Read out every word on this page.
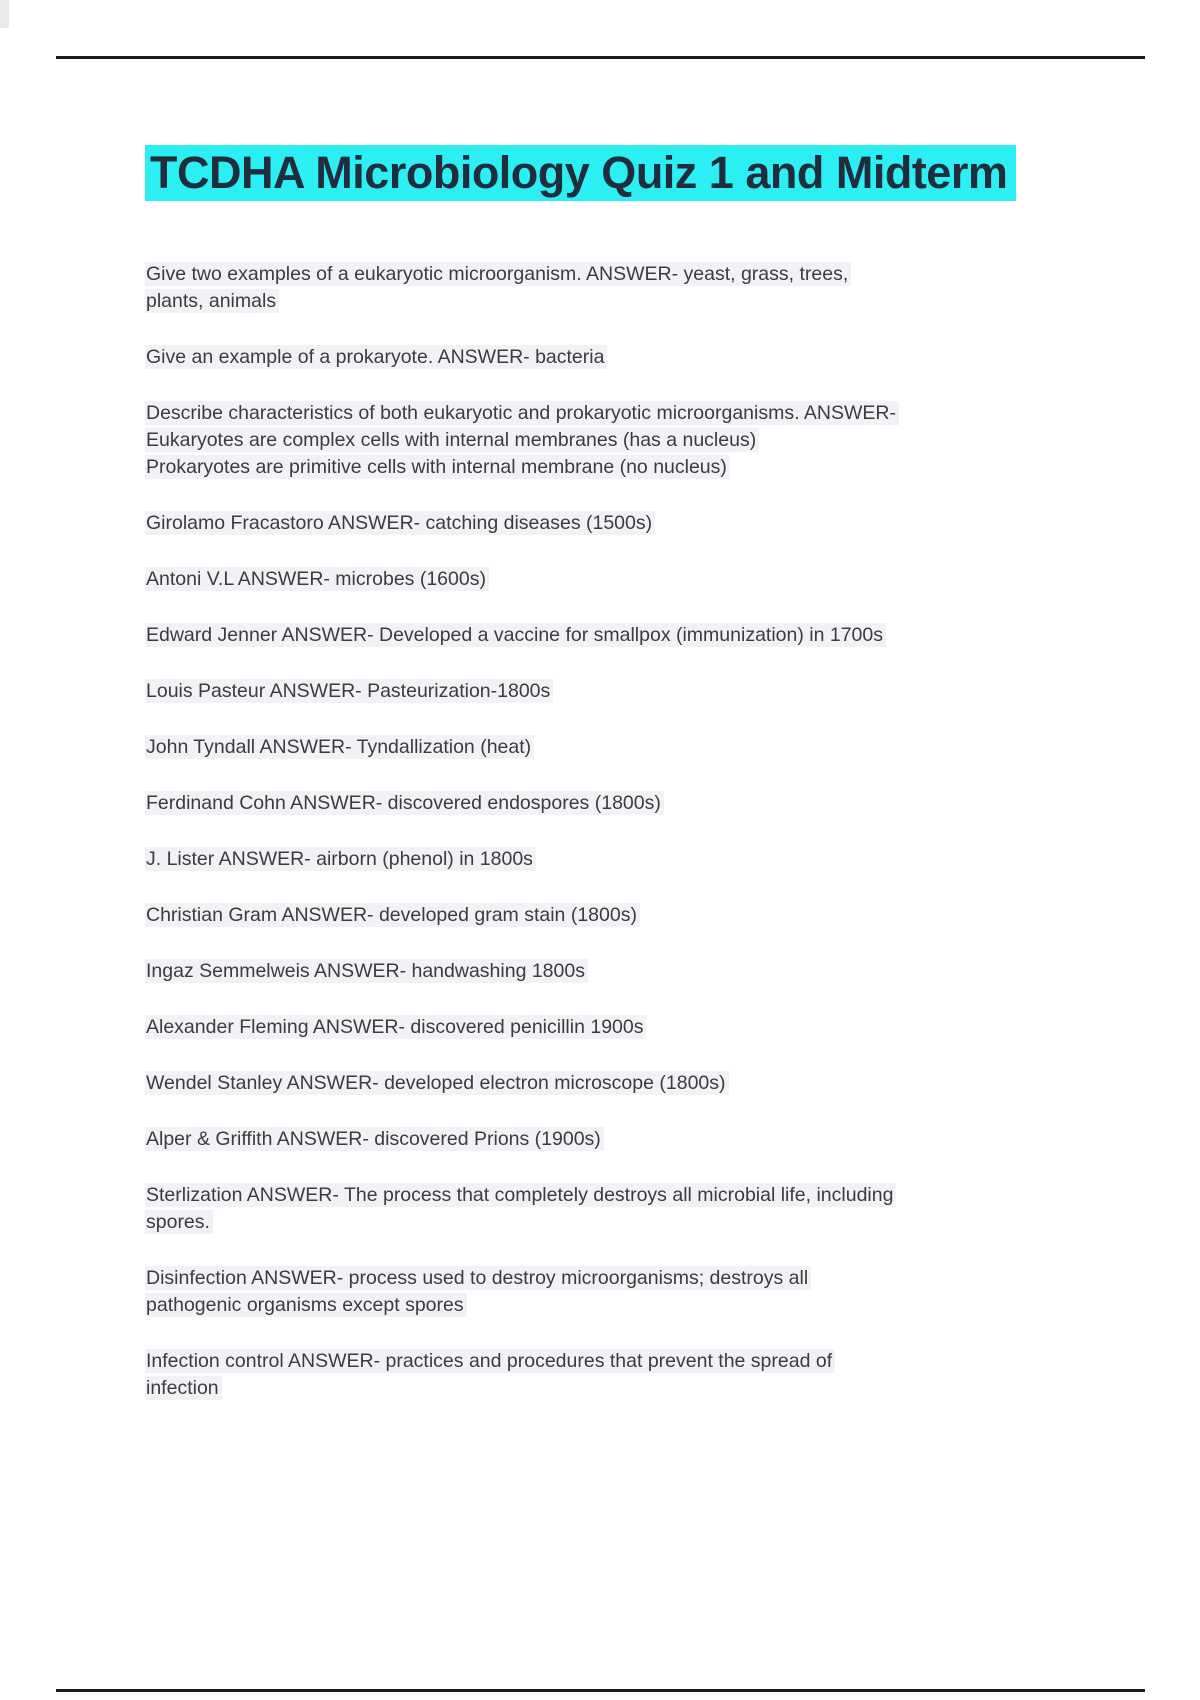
TCDHA Microbiology Quiz 1 and Midterm

Give two examples of a eukaryotic microorganism. ANSWER- yeast, grass, trees,
plants, animals

Give an example of a prokaryote. ANSWER- bacteria

Describe characteristics of both eukaryotic and prokaryotic microorganisms. ANSWER-
Eukaryotes are complex cells with internal membranes (has a nucleus)
Prokaryotes are primitive cells with internal membrane (no nucleus)

Girolamo Fracastoro ANSWER- catching diseases (1500s)

Antoni V.L ANSWER- microbes (1600s)

Edward Jenner ANSWER- Developed a vaccine for smallpox (immunization) in 1700s

Louis Pasteur ANSWER- Pasteurization-1800s

John Tyndall ANSWER- Tyndallization (heat)

Ferdinand Cohn ANSWER- discovered endospores (1800s)

J. Lister ANSWER- airborn (phenol) in 1800s

Christian Gram ANSWER- developed gram stain (1800s)

Ingaz Semmelweis ANSWER- handwashing 1800s

Alexander Fleming ANSWER- discovered penicillin 1900s

Wendel Stanley ANSWER- developed electron microscope (1800s)

Alper & Griffith ANSWER- discovered Prions (1900s)

Sterlization ANSWER- The process that completely destroys all microbial life, including
spores.

Disinfection ANSWER- process used to destroy microorganisms; destroys all
pathogenic organisms except spores

Infection control ANSWER- practices and procedures that prevent the spread of
infection
